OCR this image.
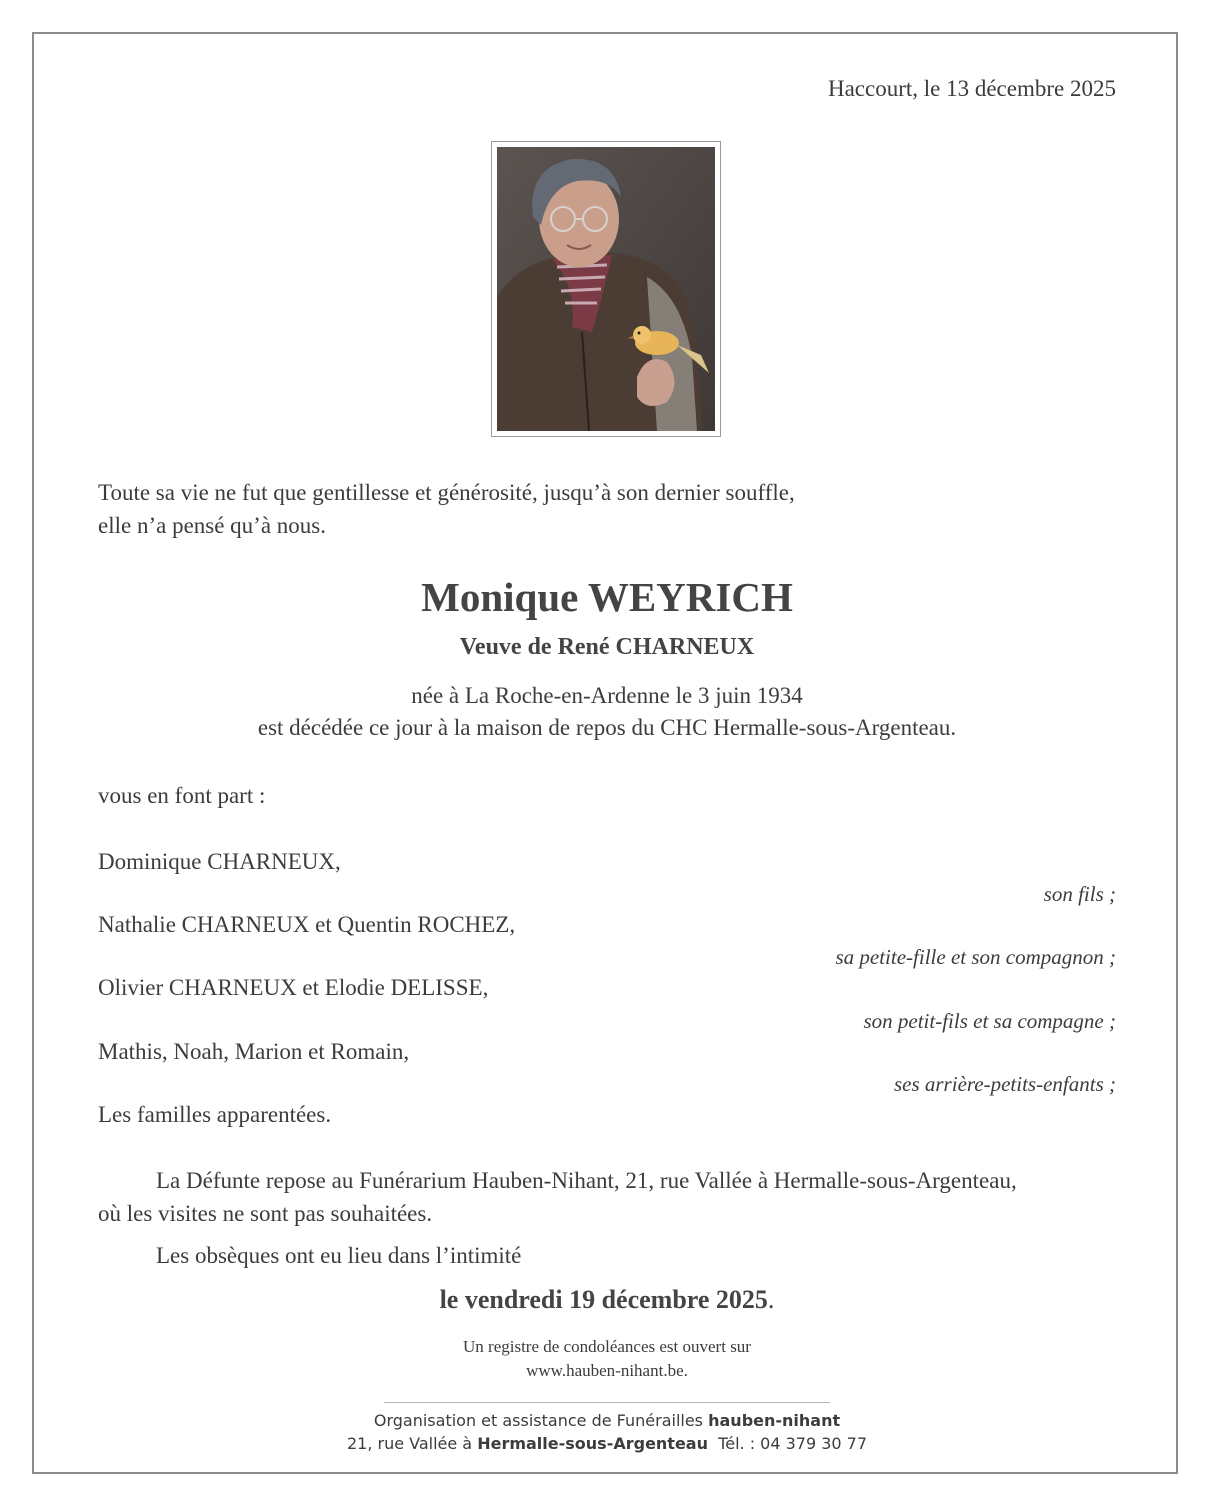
Haccourt, le 13 décembre 2025
Toute sa vie ne fut que gentillesse et générosité, jusqu’à son dernier souffle,
elle n’a pensé qu’à nous.
Monique WEYRICH
Veuve de René CHARNEUX
née à La Roche-en-Ardenne le 3 juin 1934
est décédée ce jour à la maison de repos du CHC Hermalle-sous-Argenteau.
vous en font part :
Dominique CHARNEUX,
son fils ;
Nathalie CHARNEUX et Quentin ROCHEZ,
sa petite-fille et son compagnon ;
Olivier CHARNEUX et Elodie DELISSE,
son petit-fils et sa compagne ;
Mathis, Noah, Marion et Romain,
ses arrière-petits-enfants ;
Les familles apparentées.
La Défunte repose au Funérarium Hauben-Nihant, 21, rue Vallée à Hermalle-sous-Argenteau,
où les visites ne sont pas souhaitées.
Les obsèques ont eu lieu dans l’intimité
le vendredi 19 décembre 2025.
Un registre de condoléances est ouvert sur
www.hauben-nihant.be.
Organisation et assistance de Funérailles hauben-nihant
21, rue Vallée à Hermalle-sous-Argenteau  Tél. : 04 379 30 77
